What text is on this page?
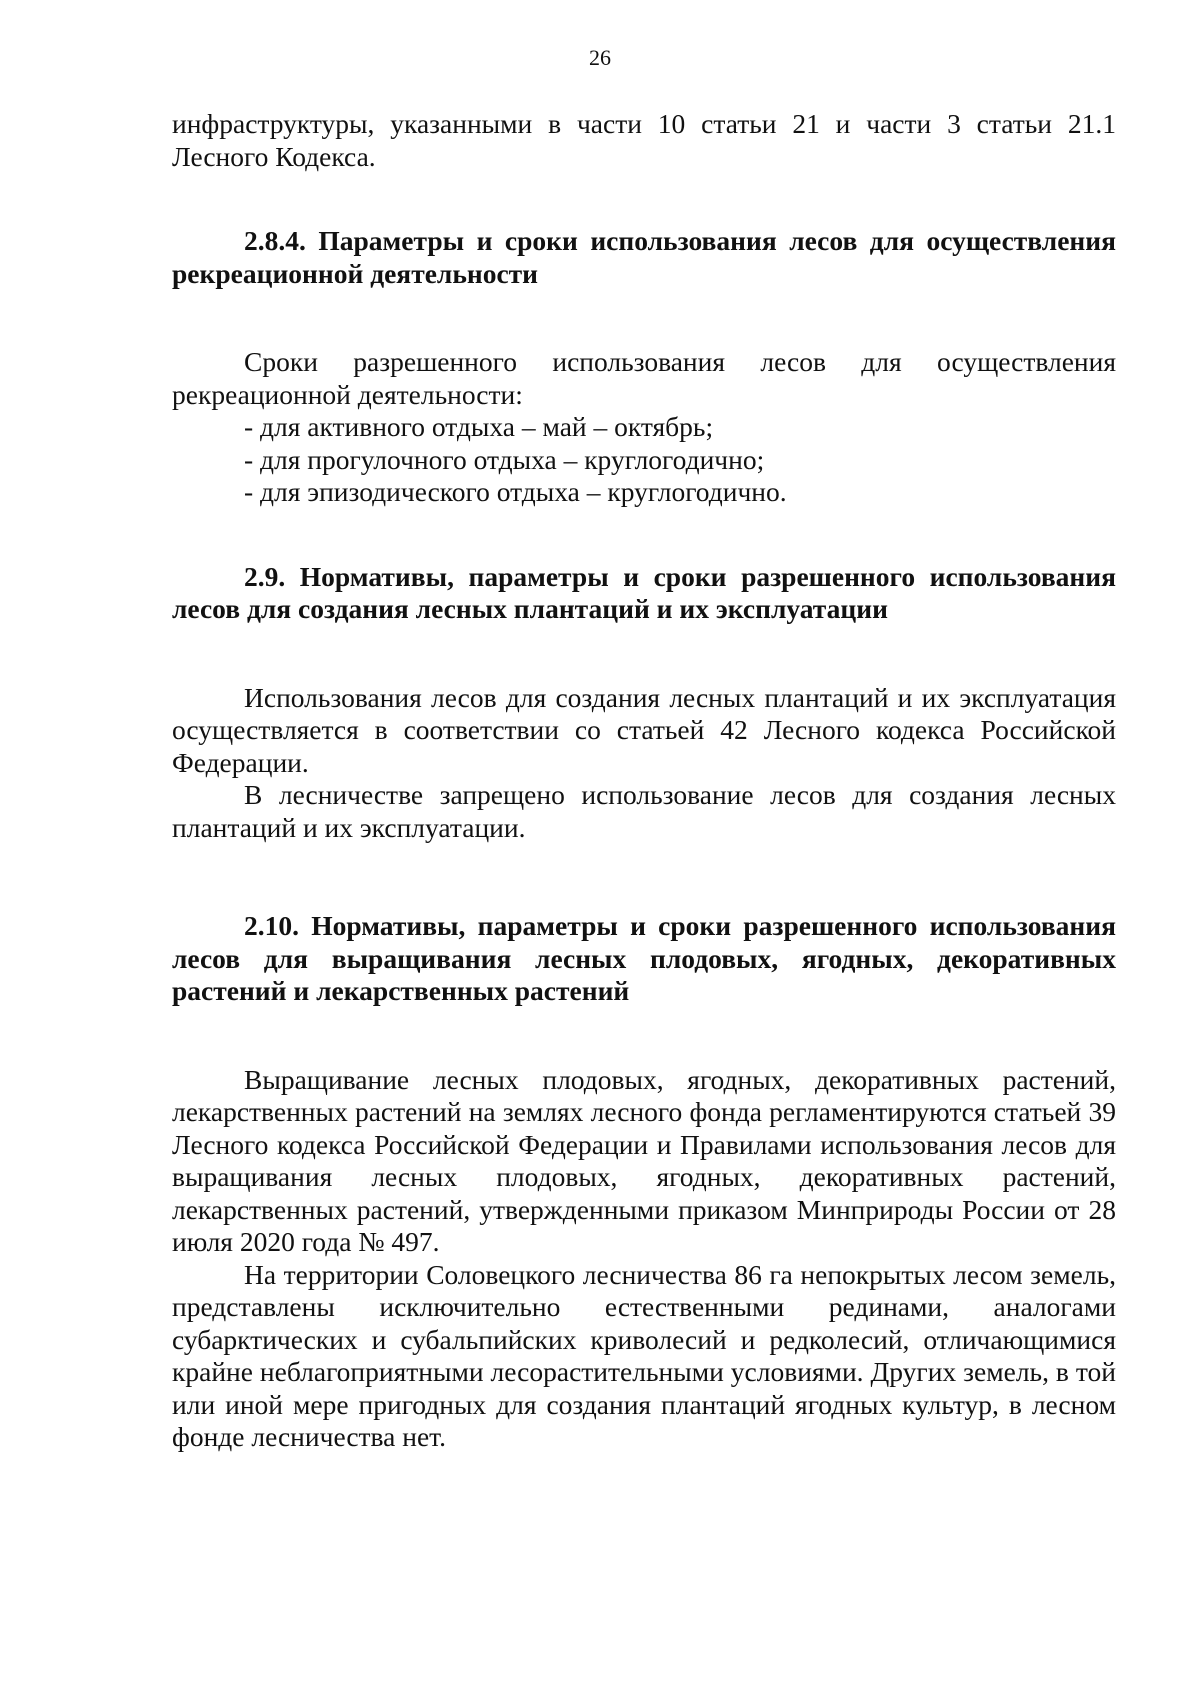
26

инфраструктуры, указанными в части 10 статьи 21 и части 3 статьи 21.1 Лесного Кодекса.

2.8.4. Параметры и сроки использования лесов для осуществления рекреационной деятельности

Сроки разрешенного использования лесов для осуществления рекреационной деятельности:

- для активного отдыха – май – октябрь;

- для прогулочного отдыха – круглогодично;

- для эпизодического отдыха – круглогодично.

2.9. Нормативы, параметры и сроки разрешенного использования лесов для создания лесных плантаций и их эксплуатации

Использования лесов для создания лесных плантаций и их эксплуатация осуществляется в соответствии со статьей 42 Лесного кодекса Российской Федерации.

В лесничестве запрещено использование лесов для создания лесных плантаций и их эксплуатации.

2.10. Нормативы, параметры и сроки разрешенного использования лесов для выращивания лесных плодовых, ягодных, декоративных растений и лекарственных растений

Выращивание лесных плодовых, ягодных, декоративных растений, лекарственных растений на землях лесного фонда регламентируются статьей 39 Лесного кодекса Российской Федерации и Правилами использования лесов для выращивания лесных плодовых, ягодных, декоративных растений, лекарственных растений, утвержденными приказом Минприроды России от 28 июля 2020 года № 497.

На территории Соловецкого лесничества 86 га непокрытых лесом земель, представлены исключительно естественными рединами, аналогами субарктических и субальпийских криволесий и редколесий, отличающимися крайне неблагоприятными лесорастительными условиями. Других земель, в той или иной мере пригодных для создания плантаций ягодных культур, в лесном фонде лесничества нет.
